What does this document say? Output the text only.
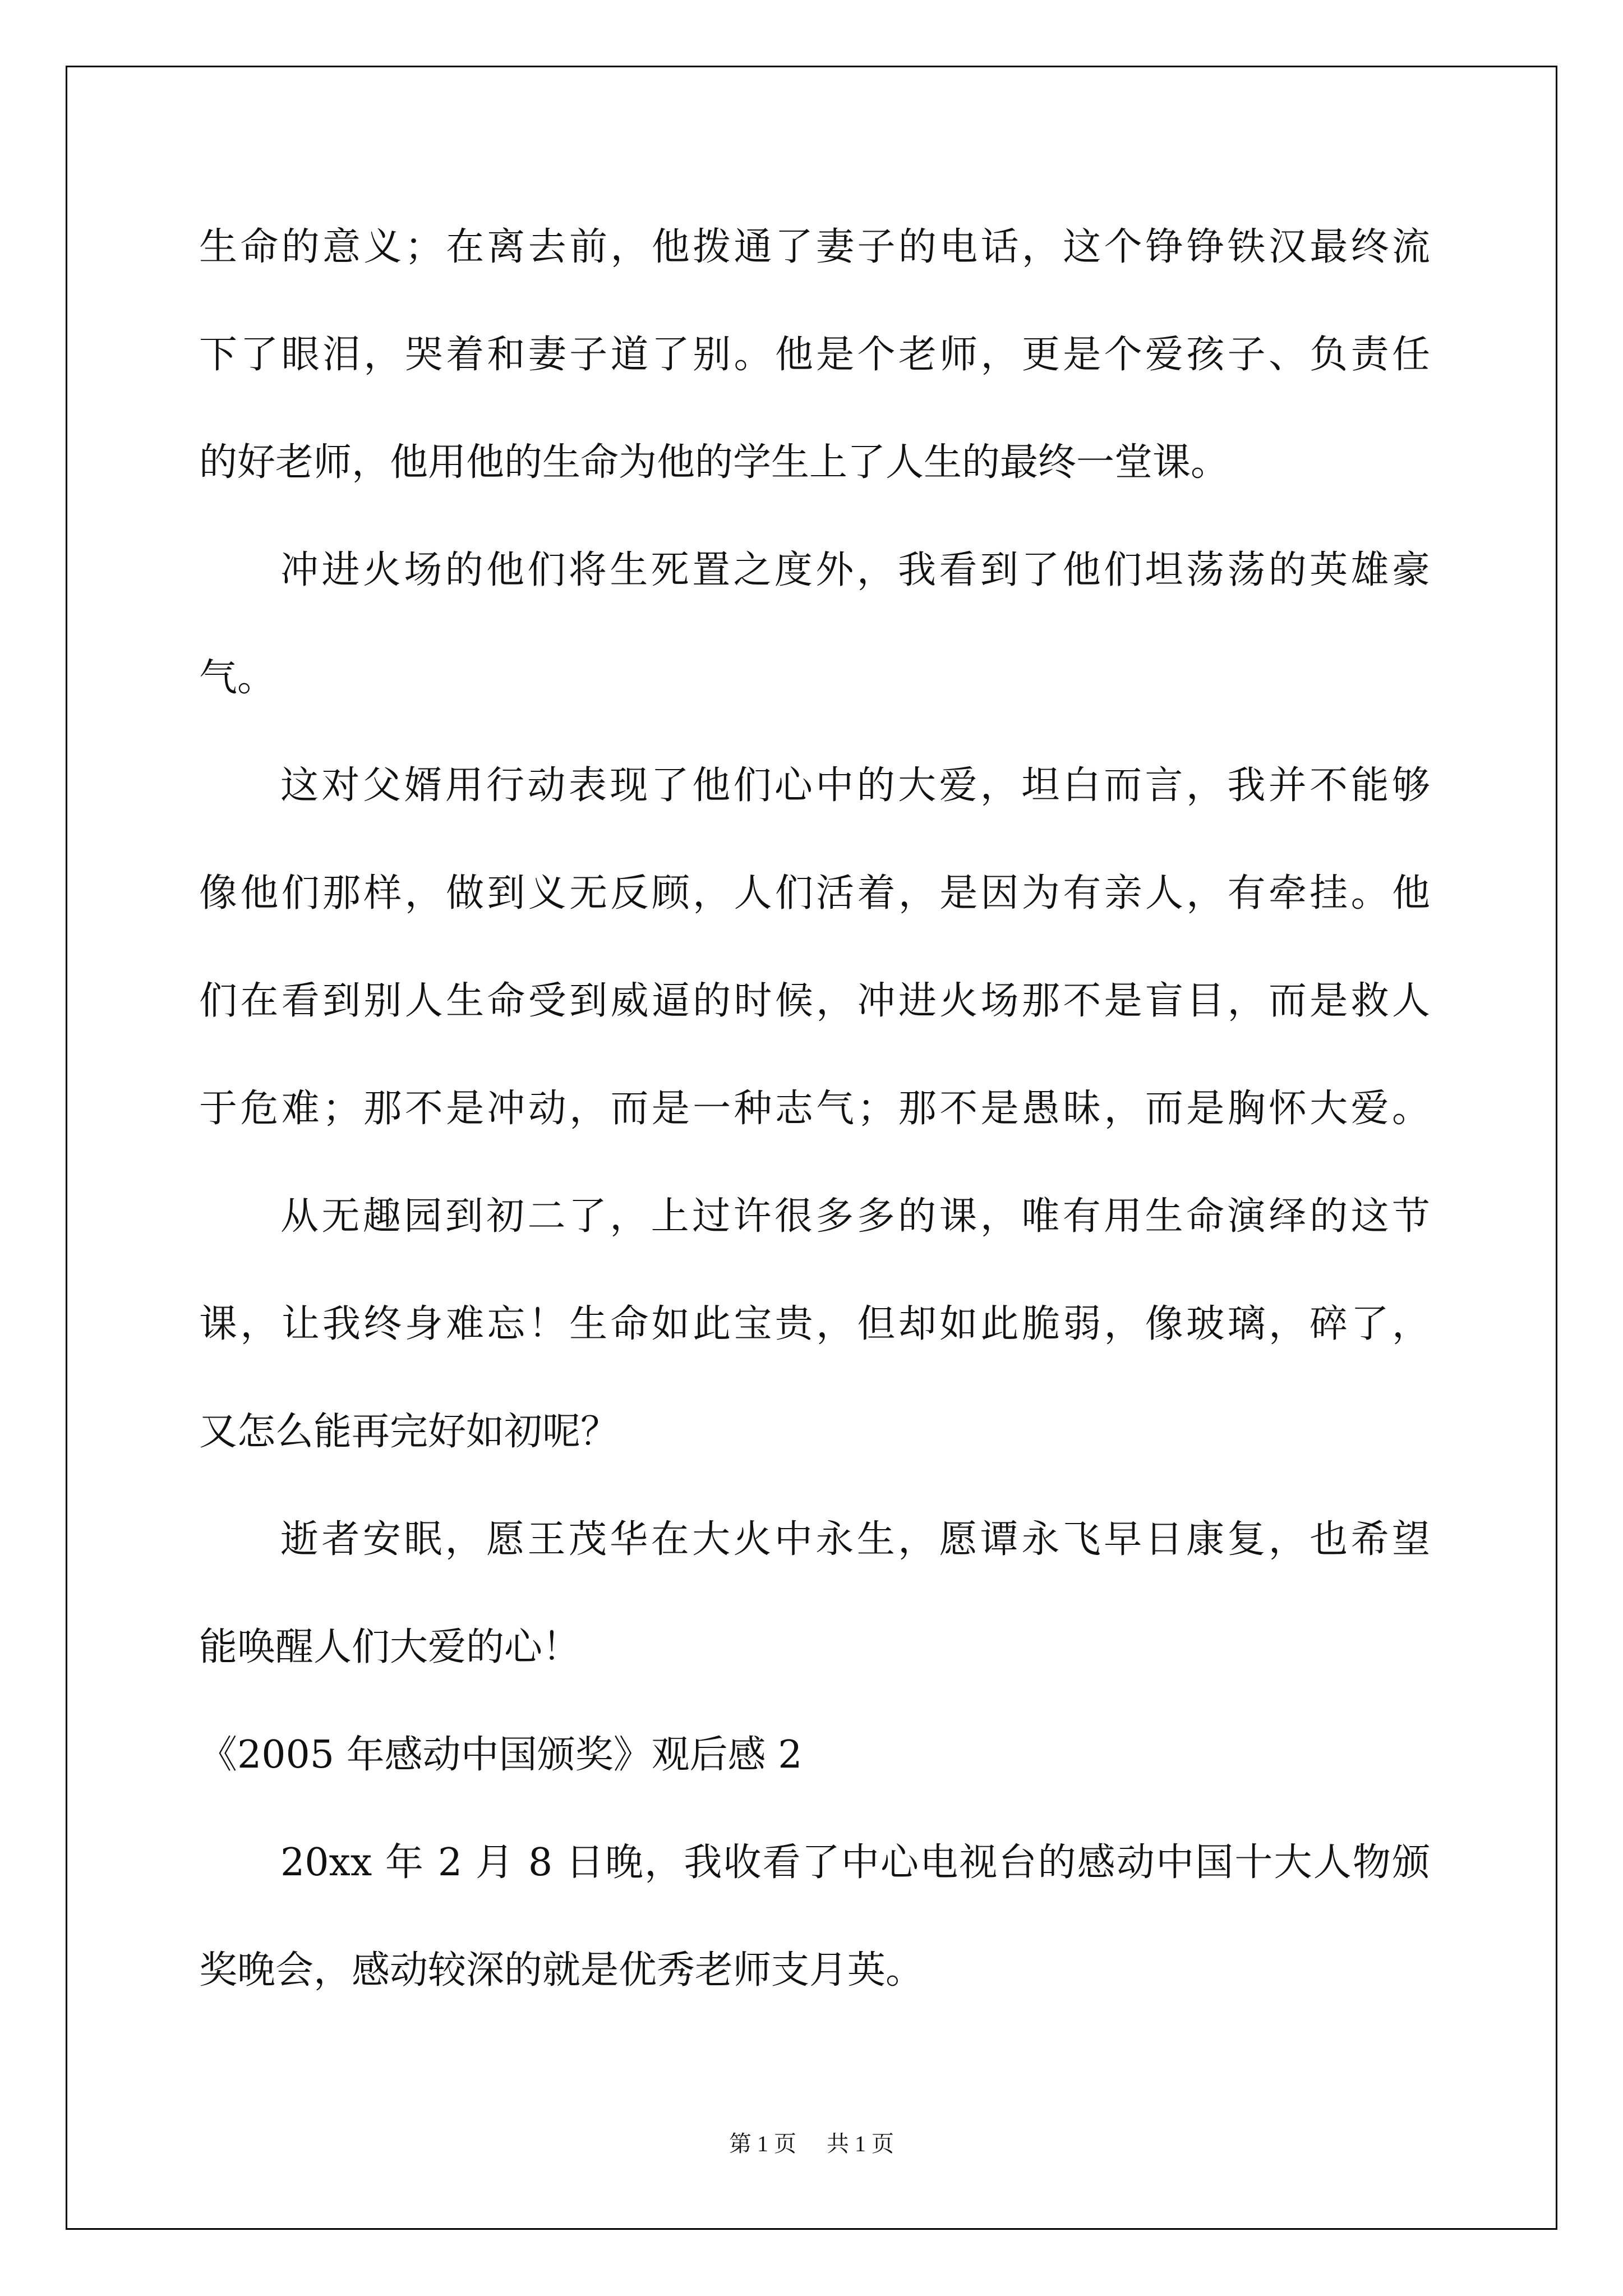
生命的意义；在离去前，他拨通了妻子的电话，这个铮铮铁汉最终流
下了眼泪，哭着和妻子道了别。他是个老师，更是个爱孩子、负责任
的好老师，他用他的生命为他的学生上了人生的最终一堂课。
冲进火场的他们将生死置之度外，我看到了他们坦荡荡的英雄豪
气。
这对父婿用行动表现了他们心中的大爱，坦白而言，我并不能够
像他们那样，做到义无反顾，人们活着，是因为有亲人，有牵挂。他
们在看到别人生命受到威逼的时候，冲进火场那不是盲目，而是救人
于危难；那不是冲动，而是一种志气；那不是愚昧，而是胸怀大爱。
从无趣园到初二了，上过许很多多的课，唯有用生命演绎的这节
课，让我终身难忘！生命如此宝贵，但却如此脆弱，像玻璃，碎了，
又怎么能再完好如初呢？
逝者安眠，愿王茂华在大火中永生，愿谭永飞早日康复，也希望
能唤醒人们大爱的心！
《2005 年感动中国颁奖》观后感 2
20xx 年 2 月 8 日晚，我收看了中心电视台的感动中国十大人物颁
奖晚会，感动较深的就是优秀老师支月英。
第 1 页 共 1 页
